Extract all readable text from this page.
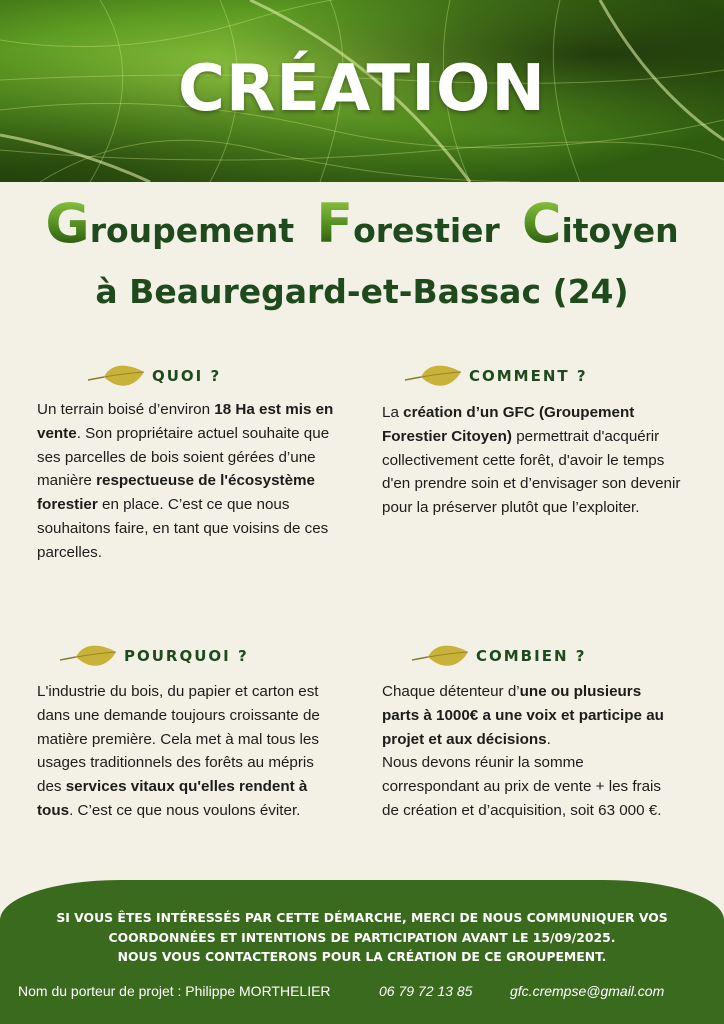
CRÉATION
Groupement Forestier Citoyen
à Beauregard-et-Bassac (24)
QUOI ?
Un terrain boisé d’environ 18 Ha est mis en vente. Son propriétaire actuel souhaite que ses parcelles de bois soient gérées d’une manière respectueuse de l'écosystème forestier en place. C’est ce que nous souhaitons faire, en tant que voisins de ces parcelles.
COMMENT ?
La création d’un GFC (Groupement Forestier Citoyen) permettrait d'acquérir collectivement cette forêt, d'avoir le temps d'en prendre soin et d’envisager son devenir pour la préserver plutôt que l’exploiter.
POURQUOI ?
L'industrie du bois, du papier et carton est dans une demande toujours croissante de matière première. Cela met à mal tous les usages traditionnels des forêts au mépris des services vitaux qu'elles rendent à tous. C’est ce que nous voulons éviter.
COMBIEN ?
Chaque détenteur d’une ou plusieurs parts à 1000€ a une voix et participe au projet et aux décisions.
Nous devons réunir la somme correspondant au prix de vente + les frais de création et d’acquisition, soit 63 000 €.
SI VOUS ÊTES INTÉRESSÉS PAR CETTE DÉMARCHE, MERCI DE NOUS COMMUNIQUER VOS
COORDONNÉES ET INTENTIONS DE PARTICIPATION AVANT LE 15/09/2025.
NOUS VOUS CONTACTERONS POUR LA CRÉATION DE CE GROUPEMENT.
Nom du porteur de projet : Philippe MORTHELIER	06 79 72 13 85	gfc.crempse@gmail.com
